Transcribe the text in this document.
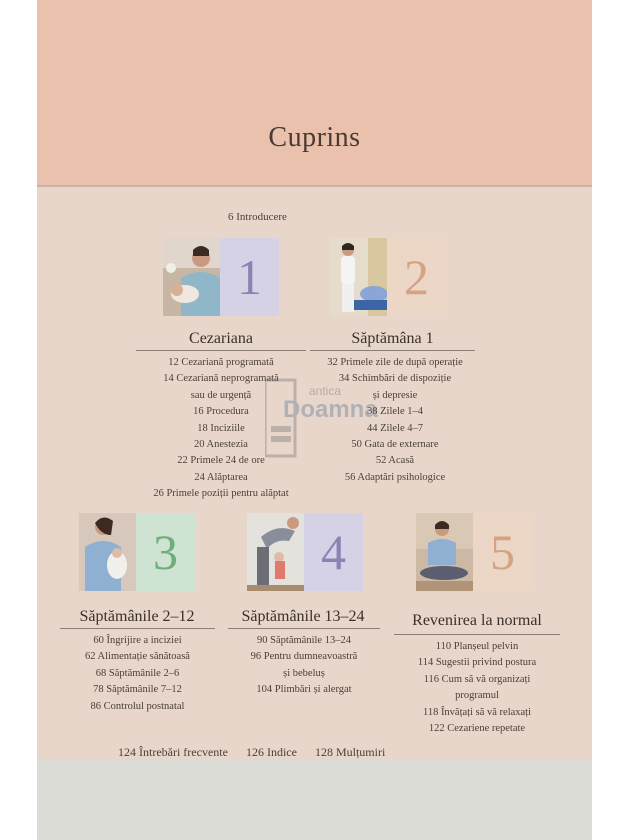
Cuprins
6 Introducere
1
Cezariana
12 Cezariană programată
14 Cezariană neprogramată
sau de urgență
16 Procedura
18 Inciziile
20 Anestezia
22 Primele 24 de ore
24 Alăptarea
26 Primele poziții pentru alăptat
2
Săptămâna 1
32 Primele zile de după operație
34 Schimbări de dispoziție
și depresie
38 Zilele 1–4
44 Zilele 4–7
50 Gata de externare
52 Acasă
56 Adaptări psihologice
antica
Doamna
3
Săptămânile 2–12
60 Îngrijire a inciziei
62 Alimentație sănătoasă
68 Săptămânile 2–6
78 Săptămânile 7–12
86 Controlul postnatal
4
Săptămânile 13–24
90 Săptămânile 13–24
96 Pentru dumneavoastră
și bebeluș
104 Plimbări și alergat
5
Revenirea la normal
110 Planșeul pelvin
114 Sugestii privind postura
116 Cum să vă organizați
programul
118 Învățați să vă relaxați
122 Cezariene repetate
124 Întrebări frecvente 126 Indice 128 Mulțumiri
